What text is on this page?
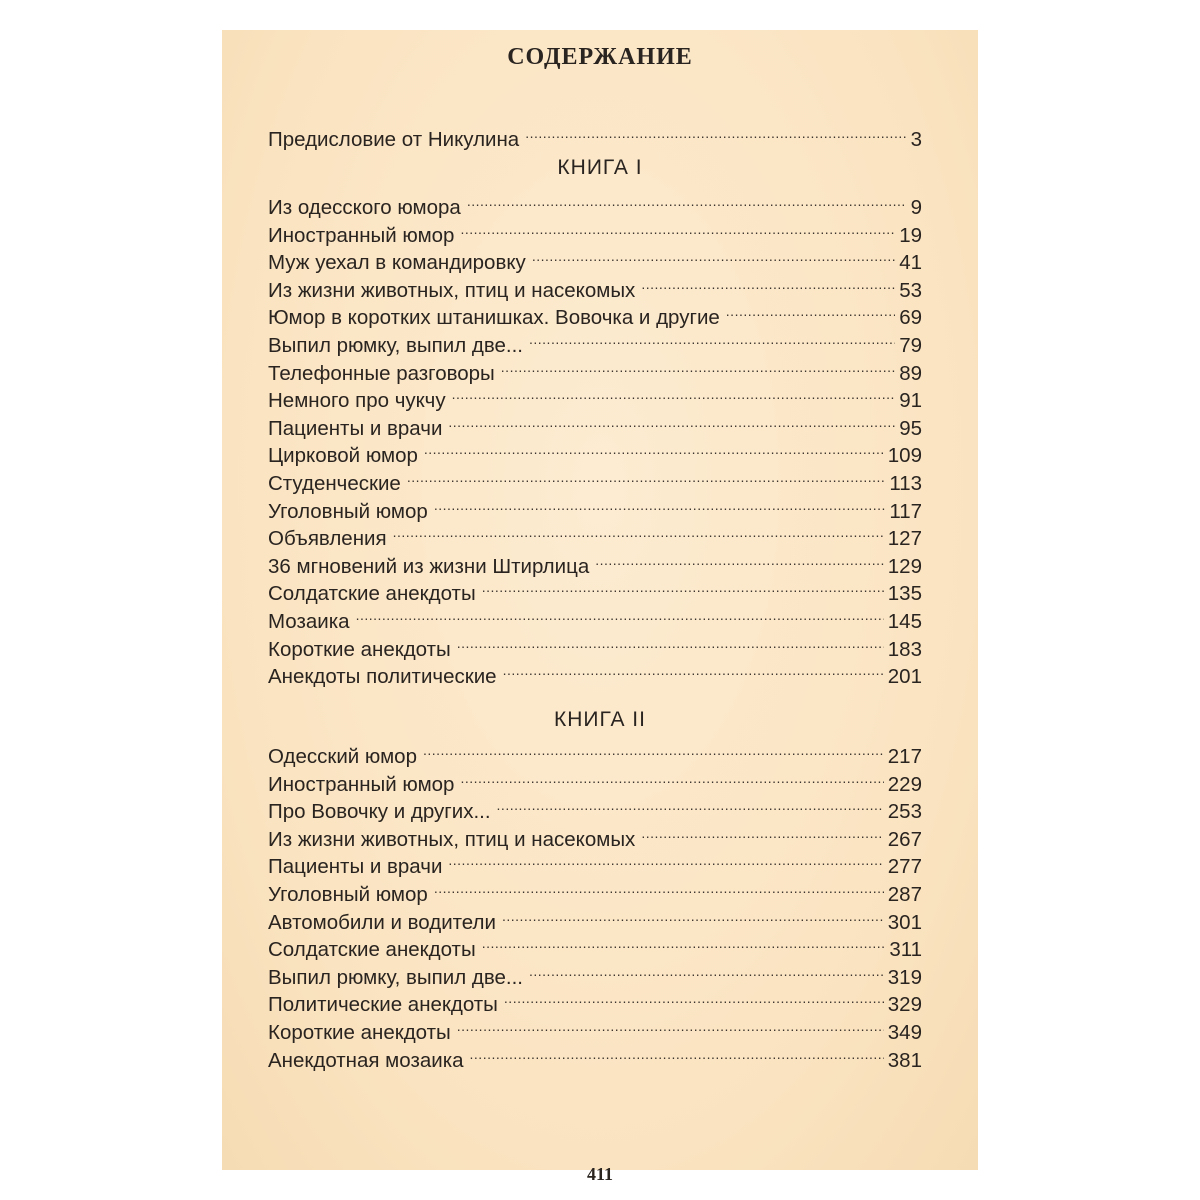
СОДЕРЖАНИЕ
Предисловие от Никулина .....	3
КНИГА I
Из одесского юмора .....	9
Иностранный юмор .....	19
Муж уехал в командировку .....	41
Из жизни животных, птиц и насекомых .....	53
Юмор в коротких штанишках. Вовочка и другие .....	69
Выпил рюмку, выпил две... .....	79
Телефонные разговоры .....	89
Немного про чукчу .....	91
Пациенты и врачи .....	95
Цирковой юмор .....	109
Студенческие .....	113
Уголовный юмор .....	117
Объявления .....	127
36 мгновений из жизни Штирлица .....	129
Солдатские анекдоты .....	135
Мозаика .....	145
Короткие анекдоты .....	183
Анекдоты политические .....	201
КНИГА II
Одесский юмор .....	217
Иностранный юмор .....	229
Про Вовочку и других... .....	253
Из жизни животных, птиц и насекомых .....	267
Пациенты и врачи .....	277
Уголовный юмор .....	287
Автомобили и водители .....	301
Солдатские анекдоты .....	311
Выпил рюмку, выпил две... .....	319
Политические анекдоты .....	329
Короткие анекдоты .....	349
Анекдотная мозаика .....	381
411
